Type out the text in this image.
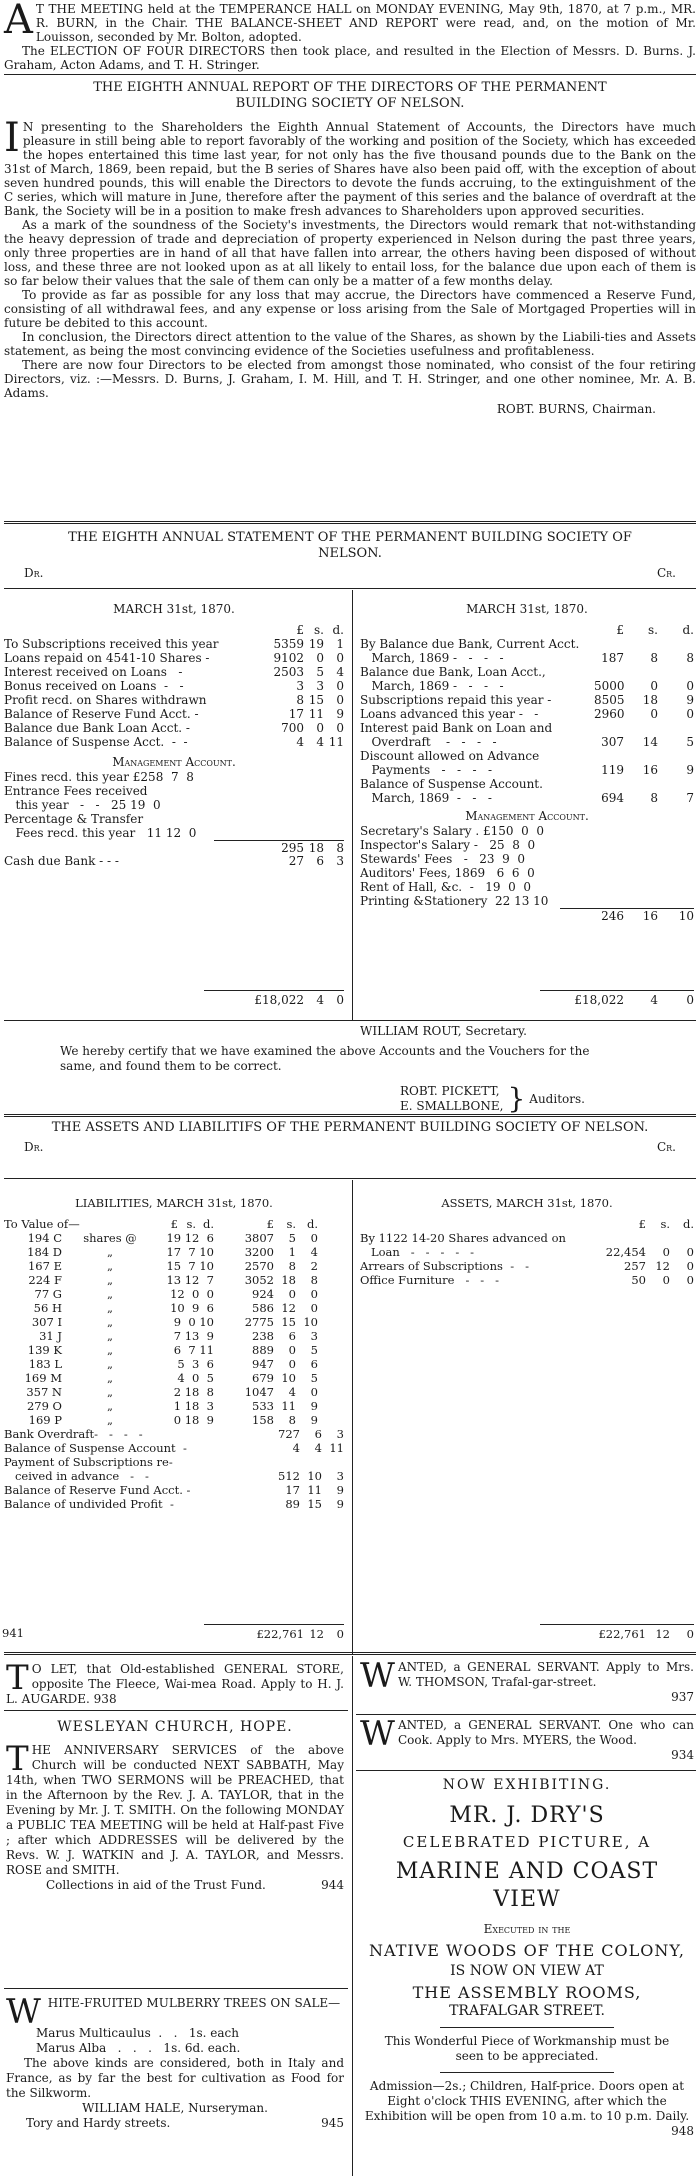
A T THE MEETING held at the TEMPERANCE HALL on MONDAY EVENING, May 9th, 1870, at 7 p.m., MR. R. BURN, in the Chair. THE BALANCE-SHEET AND REPORT were read, and, on the motion of Mr. Louisson, seconded by Mr. Bolton, adopted.

The ELECTION OF FOUR DIRECTORS then took place, and resulted in the Election of Messrs. D. Burns. J. Graham, Acton Adams, and T. H. Stringer.

THE EIGHTH ANNUAL REPORT OF THE DIRECTORS OF THE PERMANENT BUILDING SOCIETY OF NELSON.

I N presenting to the Shareholders the Eighth Annual Statement of Accounts, the Directors have much pleasure in still being able to report favorably of the working and position of the Society, which has exceeded the hopes entertained this time last year, for not only has the five thousand pounds due to the Bank on the 31st of March, 1869, been repaid, but the B series of Shares have also been paid off, with the exception of about seven hundred pounds, this will enable the Directors to devote the funds accruing, to the extinguishment of the C series, which will mature in June, therefore after the payment of this series and the balance of overdraft at the Bank, the Society will be in a position to make fresh advances to Shareholders upon approved securities.

As a mark of the soundness of the Society's investments, the Directors would remark that not-withstanding the heavy depression of trade and depreciation of property experienced in Nelson during the past three years, only three properties are in hand of all that have fallen into arrear, the others having been disposed of without loss, and these three are not looked upon as at all likely to entail loss, for the balance due upon each of them is so far below their values that the sale of them can only be a matter of a few months delay.

To provide as far as possible for any loss that may accrue, the Directors have commenced a Reserve Fund, consisting of all withdrawal fees, and any expense or loss arising from the Sale of Mortgaged Properties will in future be debited to this account.

In conclusion, the Directors direct attention to the value of the Shares, as shown by the Liabili-ties and Assets statement, as being the most convincing evidence of the Societies usefulness and profitableness.

There are now four Directors to be elected from amongst those nominated, who consist of the four retiring Directors, viz. :—Messrs. D. Burns, J. Graham, I. M. Hill, and T. H. Stringer, and one other nominee, Mr. A. B. Adams.

ROBT. BURNS, Chairman.

THE EIGHTH ANNUAL STATEMENT OF THE PERMANENT BUILDING SOCIETY OF NELSON.

Dr.	Cr.

MARCH 31st, 1870.

£ s. d.
To Subscriptions received this year	5359 19	1
Loans repaid on 4541-10 Shares -	9102	0	0
Interest received on Loans   -	2503	5	4
Bonus received on Loans  -   -	3	3	0
Profit recd. on Shares withdrawn	8 15	0
Balance of Reserve Fund Acct. -	17 11	9
Balance due Bank Loan Acct. -	700	0	0
Balance of Suspense Acct.  -  -	4	4 11

Management Account.

Fines recd. this year £258  7  8
Entrance Fees received
this year   -   -   25 19  0
Percentage & Transfer
Fees recd. this year   11 12  0
295 18	8
Cash due Bank - - -	27	6	3
£18,022	4	0

MARCH 31st, 1870.

£	s.	d.
By Balance due Bank, Current Acct.
March, 1869 -   -   -   -	187	8	8
Balance due Bank, Loan Acct.,
March, 1869 -   -   -   -	5000	0	0
Subscriptions repaid this year -	8505	18	9
Loans advanced this year -   -	2960	0	0
Interest paid Bank on Loan and
Overdraft    -   -   -   -	307	14	5
Discount allowed on Advance
Payments   -   -   -   -	119	16	9
Balance of Suspense Account.
March, 1869  -   -   -	694	8	7

Management Account.

Secretary's Salary . £150  0  0
Inspector's Salary -   25  8  0
Stewards' Fees   -   23  9  0
Auditors' Fees, 1869   6  6  0
Rent of Hall, &c.  -   19  0  0
Printing &Stationery  22 13 10
246	16	10
£18,022	4	0
WILLIAM ROUT, Secretary.
We hereby certify that we have examined the above Accounts and the Vouchers for the same, and found them to be correct.
ROBT. PICKETT,
E. SMALLBONE, } Auditors.

THE ASSETS AND LIABILITIFS OF THE PERMANENT BUILDING SOCIETY OF NELSON.

Dr.	Cr.

LIABILITIES, MARCH 31st, 1870.

To Value of—	£ s. d.	£	s. d.
194 C	shares @	19 12  6	3807	5	0
184 D	„	17  7 10	3200	1	4
167 E	„	15  7 10	2570	8	2
224 F	„	13 12  7	3052 18	8
77 G	„	12  0  0	924	0	0
56 H	„	10  9  6	586 12	0
307 I	„	9  0 10	2775 15 10
31 J	„	7 13  9	238	6	3
139 K	„	6  7 11	889	0	5
183 L	„	5  3  6	947	0	6
169 M	„	4  0  5	679 10	5
357 N	„	2 18  8	1047	4	0
279 O	„	1 18  3	533 11	9
169 P	„	0 18  9	158	8	9
Bank Overdraft-   -   -   -	727	6	3
Balance of Suspense Account  -	4	4 11
Payment of Subscriptions re-
ceived in advance   -   -	512 10	3
Balance of Reserve Fund Acct. -	17 11	9
Balance of undivided Profit  -	89 15	9
£22,761 12	0
941

ASSETS, MARCH 31st, 1870.

£	s.	d.
By 1122 14-20 Shares advanced on
Loan   -   -   -   -   -	22,454	0	0
Arrears of Subscriptions  -   -	257 12	0
Office Furniture   -   -   -	50	0	0
£22,761 12	0
T O LET, that Old-established GENERAL STORE, opposite The Fleece, Wai-mea Road. Apply to H. J. L. AUGARDE. 938

WESLEYAN CHURCH, HOPE.

T HE ANNIVERSARY SERVICES of the above Church will be conducted NEXT SABBATH, May 14th, when TWO SERMONS will be PREACHED, that in the Afternoon by the Rev. J. A. TAYLOR, that in the Evening by Mr. J. T. SMITH. On the following MONDAY a PUBLIC TEA MEETING will be held at Half-past Five ; after which ADDRESSES will be delivered by the Revs. W. J. WATKIN and J. A. TAYLOR, and Messrs. ROSE and SMITH.

Collections in aid of the Trust Fund.	944
W HITE-FRUITED MULBERRY TREES ON SALE—

Marus Multicaulus  .   .   1s. each

Marus Alba   .   .   .   1s. 6d. each.

The above kinds are considered, both in Italy and France, as by far the best for cultivation as Food for the Silkworm.

WILLIAM HALE, Nurseryman.

Tory and Hardy streets.	945
W ANTED, a GENERAL SERVANT. Apply to Mrs. W. THOMSON, Trafal-gar-street.

937

W ANTED, a GENERAL SERVANT. One who can Cook. Apply to Mrs. MYERS, the Wood.

934

NOW EXHIBITING.

MR. J. DRY'S

CELEBRATED PICTURE, A

MARINE AND COAST VIEW

Executed in the

NATIVE WOODS OF THE COLONY,

IS NOW ON VIEW AT

THE ASSEMBLY ROOMS,

TRAFALGAR STREET.

This Wonderful Piece of Workmanship must be seen to be appreciated.

Admission—2s.; Children, Half-price. Doors open at Eight o'clock THIS EVENING, after which the Exhibition will be open from 10 a.m. to 10 p.m. Daily.

948
